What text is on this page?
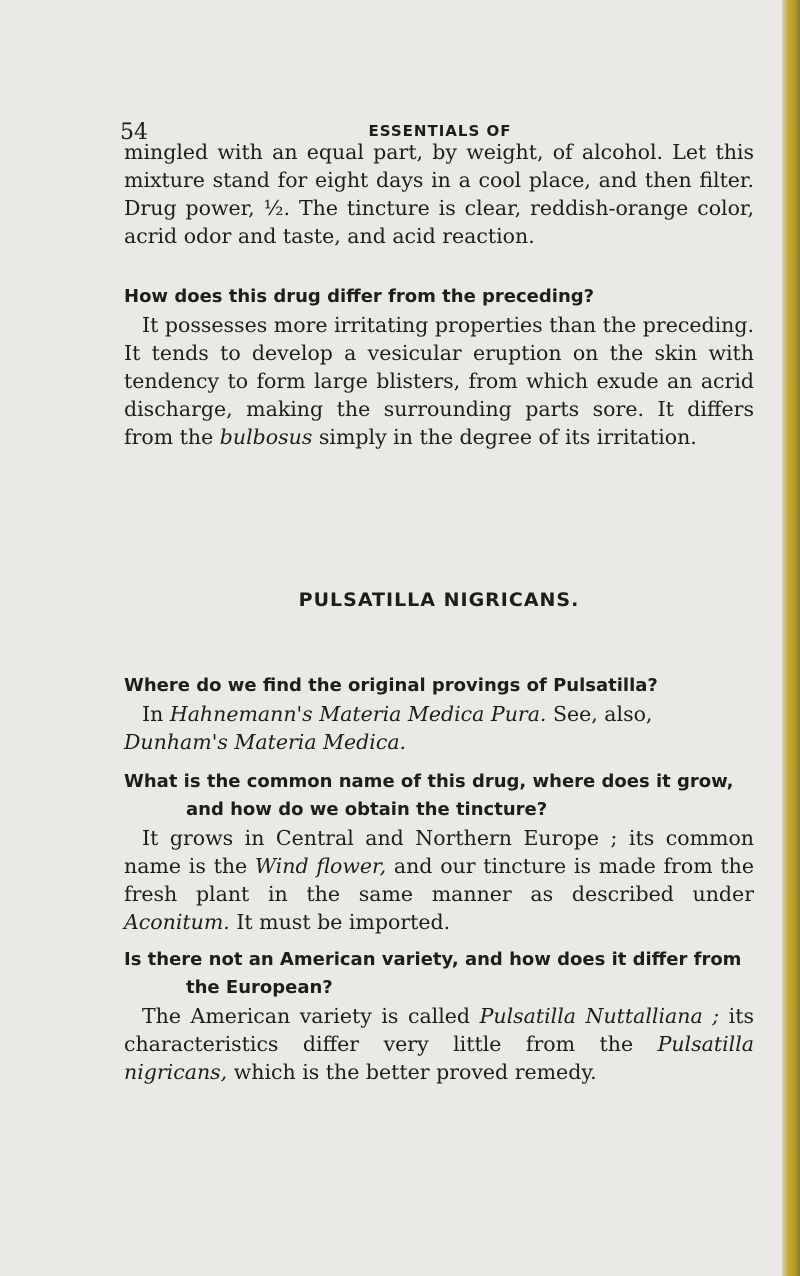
54	ESSENTIALS OF

mingled with an equal part, by weight, of alcohol. Let this mixture stand for eight days in a cool place, and then filter. Drug power, ½. The tincture is clear, reddish-orange color, acrid odor and taste, and acid reaction.

How does this drug differ from the preceding?

It possesses more irritating properties than the preceding. It tends to develop a vesicular eruption on the skin with tendency to form large blisters, from which exude an acrid discharge, making the surrounding parts sore. It differs from the bulbosus simply in the degree of its irritation.

PULSATILLA NIGRICANS.

Where do we find the original provings of Pulsatilla?

In Hahnemann's Materia Medica Pura. See, also, Dunham's Materia Medica.

What is the common name of this drug, where does it grow, and how do we obtain the tincture?

It grows in Central and Northern Europe ; its common name is the Wind flower, and our tincture is made from the fresh plant in the same manner as described under Aconitum. It must be imported.

Is there not an American variety, and how does it differ from the European?

The American variety is called Pulsatilla Nuttalliana ; its characteristics differ very little from the Pulsatilla nigricans, which is the better proved remedy.
